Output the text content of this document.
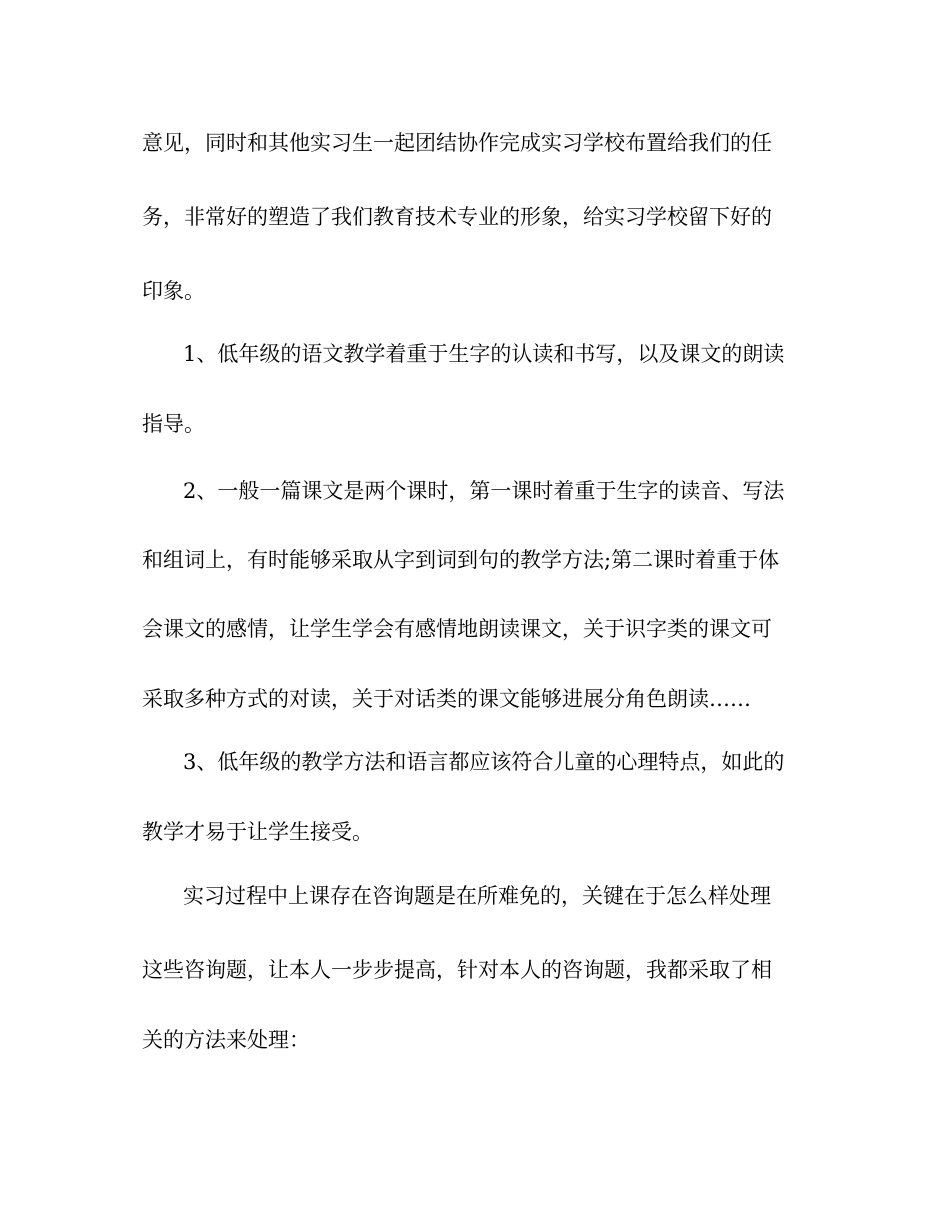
意见，同时和其他实习生一起团结协作完成实习学校布置给我们的任
务，非常好的塑造了我们教育技术专业的形象，给实习学校留下好的
印象。
1、低年级的语文教学着重于生字的认读和书写，以及课文的朗读
指导。
2、一般一篇课文是两个课时，第一课时着重于生字的读音、写法
和组词上，有时能够采取从字到词到句的教学方法;第二课时着重于体
会课文的感情，让学生学会有感情地朗读课文，关于识字类的课文可
采取多种方式的对读，关于对话类的课文能够进展分角色朗读……
3、低年级的教学方法和语言都应该符合儿童的心理特点，如此的
教学才易于让学生接受。
实习过程中上课存在咨询题是在所难免的，关键在于怎么样处理
这些咨询题，让本人一步步提高，针对本人的咨询题，我都采取了相
关的方法来处理：
